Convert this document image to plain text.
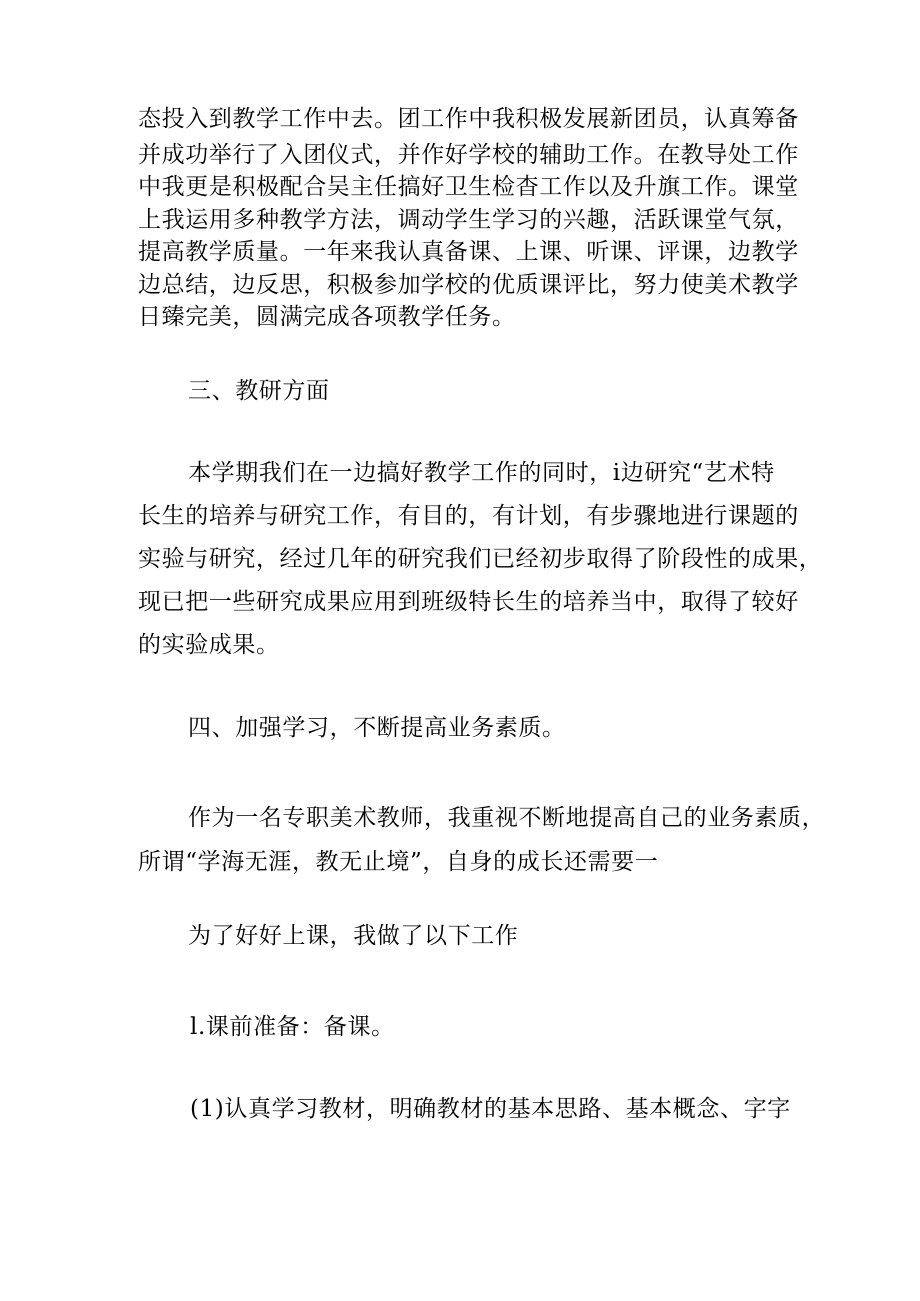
态投入到教学工作中去。团工作中我积极发展新团员，认真筹备
并成功举行了入团仪式，并作好学校的辅助工作。在教导处工作
中我更是积极配合吴主任搞好卫生检杳工作以及升旗工作。课堂
上我运用多种教学方法，调动学生学习的兴趣，活跃课堂气氛，
提高教学质量。一年来我认真备课、上课、听课、评课，边教学
边总结，边反思，积极参加学校的优质课评比，努力使美术教学
日臻完美，圆满完成各项教学任务。
三、教研方面
本学期我们在一边搞好教学工作的同时，i边研究“艺术特
长生的培养与研究工作，有目的，有计划，有步骤地进行课题的
实验与研究，经过几年的研究我们已经初步取得了阶段性的成果，
现已把一些研究成果应用到班级特长生的培养当中，取得了较好
的实验成果。
四、加强学习，不断提高业务素质。
作为一名专职美术教师，我重视不断地提高自己的业务素质，
所谓“学海无涯，教无止境”，自身的成长还需要一
为了好好上课，我做了以下工作
l.课前准备：备课。
(1)认真学习教材，明确教材的基本思路、基本概念、字字
